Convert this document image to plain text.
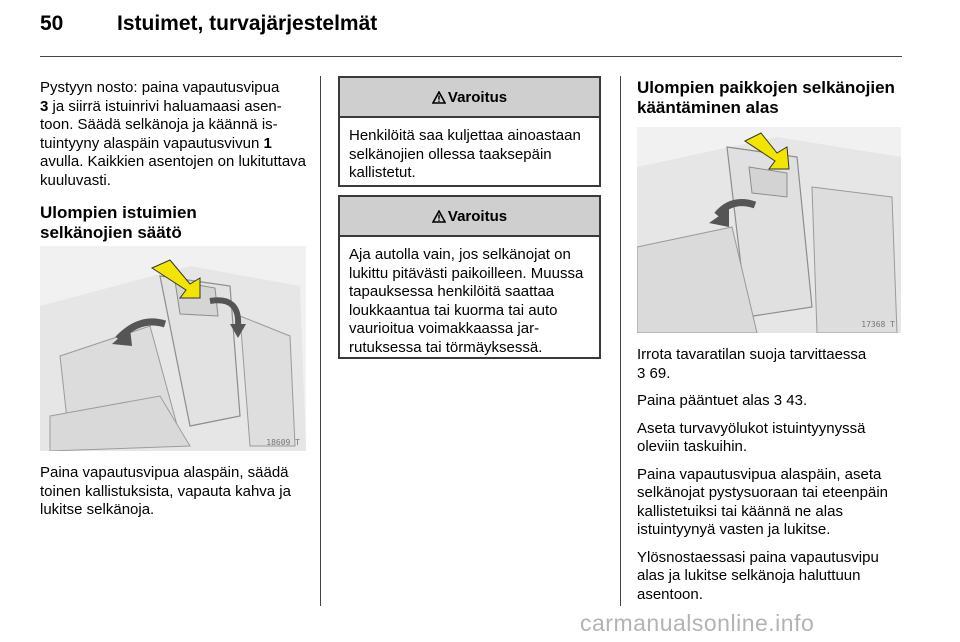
50	Istuimet, turvajärjestelmät

Pystyyn nosto: paina vapautusvipua
3 ja siirrä istuinrivi haluamaasi asentoon. Säädä selkänoja ja käännä istuintyyny alaspäin vapautusvivun 1 avulla. Kaikkien asentojen on lukituttava kuuluvasti.

Ulompien istuimien selkänojien säätö
18609 T

Paina vapautusvipua alaspäin, säädä toinen kallistuksista, vapauta kahva ja lukitse selkänoja.

Varoitus
Henkilöitä saa kuljettaa ainoastaan selkänojien ollessa taaksepäin kallistetut.
Varoitus
Aja autolla vain, jos selkänojat on lukittu pitävästi paikoilleen. Muussa tapauksessa henkilöitä saattaa loukkaantua tai kuorma tai auto vaurioitua voimakkaassa jarrutuksessa tai törmäyksessä.
Ulompien paikkojen selkänojien kääntäminen alas
17368 T

Irrota tavaratilan suoja tarvittaessa
3 69.

Paina pääntuet alas 3 43.

Aseta turvavyölukot istuintyynyssä oleviin taskuihin.

Paina vapautusvipua alaspäin, aseta selkänojat pystysuoraan tai eteenpäin kallistetuiksi tai käännä ne alas istuintyynyä vasten ja lukitse.

Ylösnostaessasi paina vapautusvipu alas ja lukitse selkänoja haluttuun asentoon.

carmanualsonline.info
